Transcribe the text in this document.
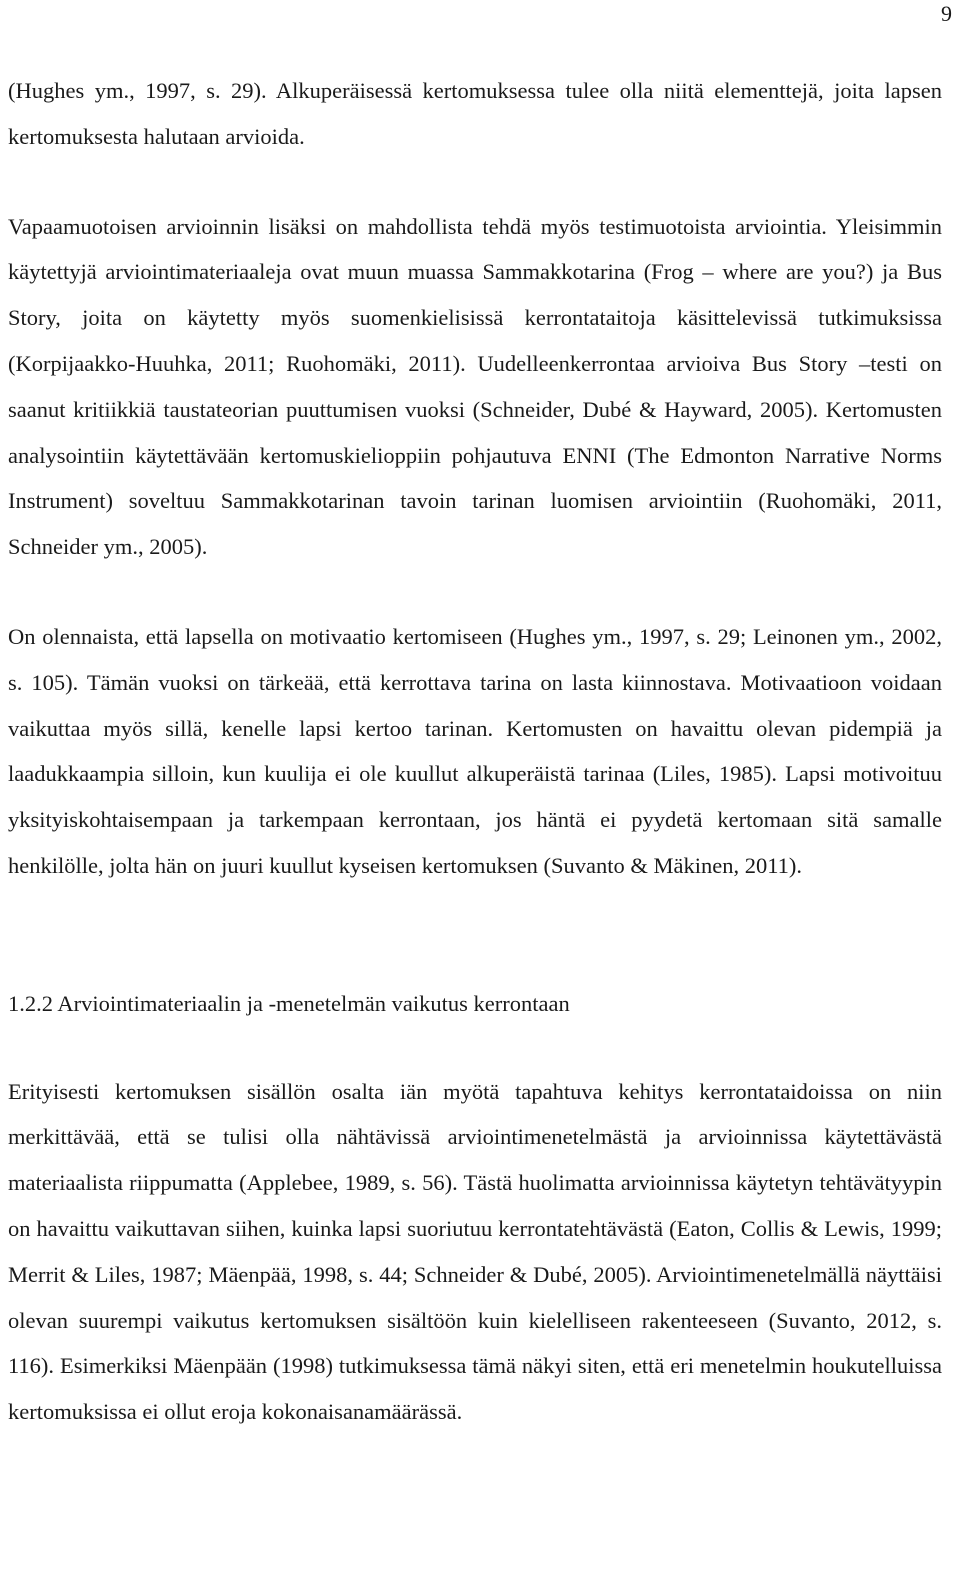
9

(Hughes ym., 1997, s. 29). Alkuperäisessä kertomuksessa tulee olla niitä elementtejä, joita lapsen kertomuksesta halutaan arvioida.

Vapaamuotoisen arvioinnin lisäksi on mahdollista tehdä myös testimuotoista arviointia. Yleisimmin käytettyjä arviointimateriaaleja ovat muun muassa Sammakkotarina (Frog – where are you?) ja Bus Story, joita on käytetty myös suomenkielisissä kerrontataitoja käsittelevissä tutkimuksissa (Korpijaakko-Huuhka, 2011; Ruohomäki, 2011). Uudelleenkerrontaa arvioiva Bus Story –testi on saanut kritiikkiä taustateorian puuttumisen vuoksi (Schneider, Dubé & Hayward, 2005). Kertomusten analysointiin käytettävään kertomuskielioppiin pohjautuva ENNI (The Edmonton Narrative Norms Instrument) soveltuu Sammakkotarinan tavoin tarinan luomisen arviointiin (Ruohomäki, 2011, Schneider ym., 2005).

On olennaista, että lapsella on motivaatio kertomiseen (Hughes ym., 1997, s. 29; Leinonen ym., 2002, s. 105). Tämän vuoksi on tärkeää, että kerrottava tarina on lasta kiinnostava. Motivaatioon voidaan vaikuttaa myös sillä, kenelle lapsi kertoo tarinan. Kertomusten on havaittu olevan pidempiä ja laadukkaampia silloin, kun kuulija ei ole kuullut alkuperäistä tarinaa (Liles, 1985). Lapsi motivoituu yksityiskohtaisempaan ja tarkempaan kerrontaan, jos häntä ei pyydetä kertomaan sitä samalle henkilölle, jolta hän on juuri kuullut kyseisen kertomuksen (Suvanto & Mäkinen, 2011).

1.2.2 Arviointimateriaalin ja -menetelmän vaikutus kerrontaan

Erityisesti kertomuksen sisällön osalta iän myötä tapahtuva kehitys kerrontataidoissa on niin merkittävää, että se tulisi olla nähtävissä arviointimenetelmästä ja arvioinnissa käytettävästä materiaalista riippumatta (Applebee, 1989, s. 56). Tästä huolimatta arvioinnissa käytetyn tehtävätyypin on havaittu vaikuttavan siihen, kuinka lapsi suoriutuu kerrontatehtävästä (Eaton, Collis & Lewis, 1999; Merrit & Liles, 1987; Mäenpää, 1998, s. 44; Schneider & Dubé, 2005). Arviointimenetelmällä näyttäisi olevan suurempi vaikutus kertomuksen sisältöön kuin kielelliseen rakenteeseen (Suvanto, 2012, s. 116). Esimerkiksi Mäenpään (1998) tutkimuksessa tämä näkyi siten, että eri menetelmin houkutelluissa kertomuksissa ei ollut eroja kokonaisanamäärässä.
